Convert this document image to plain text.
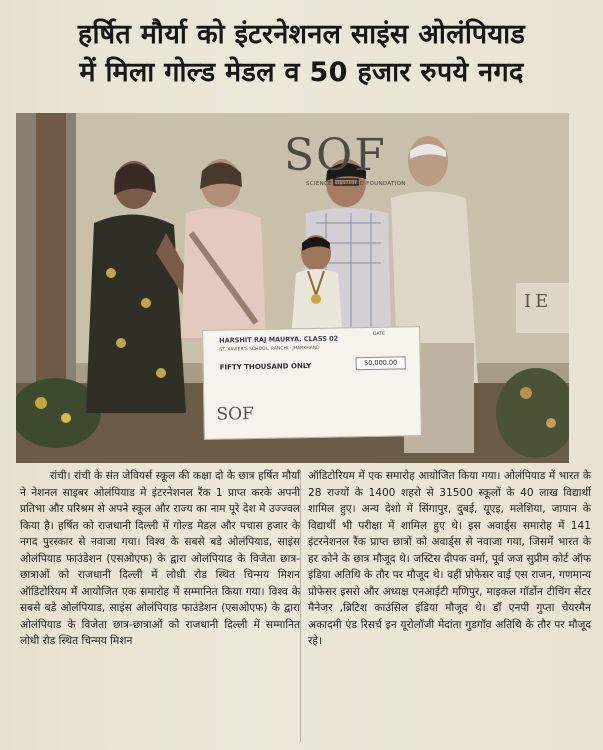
हर्षित मौर्या को इंटरनेशनल साइंस ओलंपियाड
में मिला गोल्ड मेडल व 50 हजार रुपये नगद
SOF
SCIENCE OLYMPIAD FOUNDATION
IE
HARSHIT RAJ MAURYA, CLASS 02
ST. XAVIER'S SCHOOL, RANCHI · JHARKHAND
DATE
FIFTY THOUSAND ONLY	50,000.00
SOF

रांची। रांची के संत जेवियर्स स्कूल की कक्षा दो के छात्र हर्षित मौर्या ने नेशनल साइबर ओलंपियाड मे इंटरनेशनल रैंक 1 प्राप्त करके अपनी प्रतिभा और परिश्रम से अपने स्कूल और राज्य का नाम पूरे देश मे उज्ज्वल किया है। हर्षित को राजधानी दिल्ली में गोल्ड मेडल और पचास हजार के नगद पुरस्कार से नवाजा गया। विश्व के सबसे बडे ओलंपियाड, साइंस ओलंपियाड फाउंडेशन (एसओएफ) के द्वारा ओलंपियाड के विजेता छात्र-छात्राओं को राजधानी दिल्ली में लोधी रोड स्थित चिन्मय मिशन ऑडिटोरियम में आयोजित एक समारोह में सम्मानित किया गया। विश्व के सबसे बडे ओलंपियाड, साइंस ओलंपियाड फाउंडेशन (एसओएफ) के द्वारा ओलंपियाड के विजेता छात्र-छात्राओं को राजधानी दिल्ली में सम्मानित लोधी रोड स्थित चिन्मय मिशन

ऑडिटोरियम में एक समारोह आयोजित किया गया। ओलंपियाड में भारत के 28 राज्यों के 1400 शहरो से 31500 स्कूलों के 40 लाख विद्यार्थी शामिल हुए। अन्य देशो में सिंगापुर, दुबई, यूएइ, मलेशिया, जापान के विद्यार्थी भी परीक्षा में शामिल हुए थे। इस अवार्ड्स समारोह में 141 इंटरनेशनल रैंक प्राप्त छात्रों को अवार्ड्स से नवाजा गया, जिसमें भारत के हर कोने के छात्र मौजूद थे। जस्टिस दीपक वर्मा, पूर्व जज सुप्रीम कोर्ट ऑफ इंडिया अतिथि के तौर पर मौजूद थे। वहीं प्रोफेसर वाई एस राजन, गणमान्य प्रोफेसर इसरो और अध्यक्ष एनआईटी मणिपुर, माइकल गॉर्डोन टीचिंग सेंटर मैनेजर ,ब्रिटिश काउंसिल इंडिया मौजूद थे। डॉ एनपी गुप्ता चेयरमैन अकादमी एंड रिसर्च इन यूरोलॉजी मेदांता गुडगॉव अतिथि के तौर पर मौजूद रहे।
